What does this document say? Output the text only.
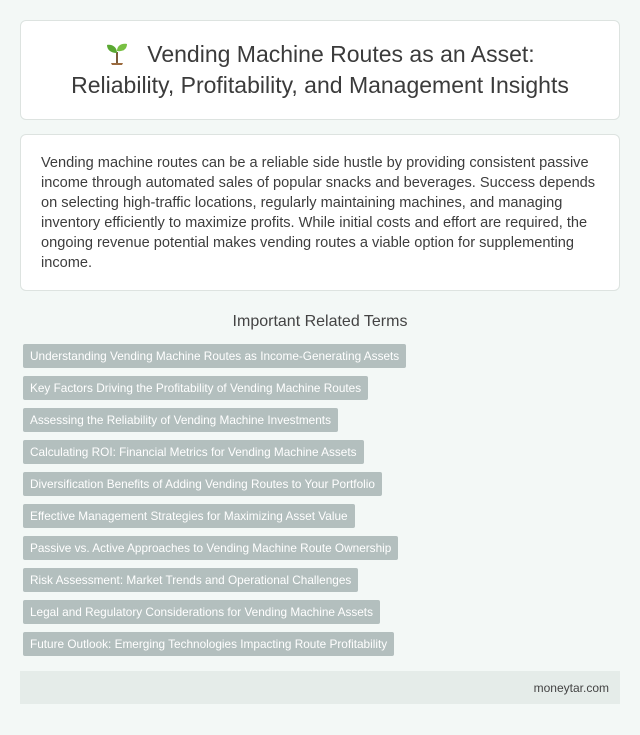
Vending Machine Routes as an Asset:
Reliability, Profitability, and Management Insights

Vending machine routes can be a reliable side hustle by providing consistent passive income through automated sales of popular snacks and beverages. Success depends on selecting high-traffic locations, regularly maintaining machines, and managing inventory efficiently to maximize profits. While initial costs and effort are required, the ongoing revenue potential makes vending routes a viable option for supplementing income.

Important Related Terms
Understanding Vending Machine Routes as Income-Generating Assets
Key Factors Driving the Profitability of Vending Machine Routes
Assessing the Reliability of Vending Machine Investments
Calculating ROI: Financial Metrics for Vending Machine Assets
Diversification Benefits of Adding Vending Routes to Your Portfolio
Effective Management Strategies for Maximizing Asset Value
Passive vs. Active Approaches to Vending Machine Route Ownership
Risk Assessment: Market Trends and Operational Challenges
Legal and Regulatory Considerations for Vending Machine Assets
Future Outlook: Emerging Technologies Impacting Route Profitability
moneytar.com
